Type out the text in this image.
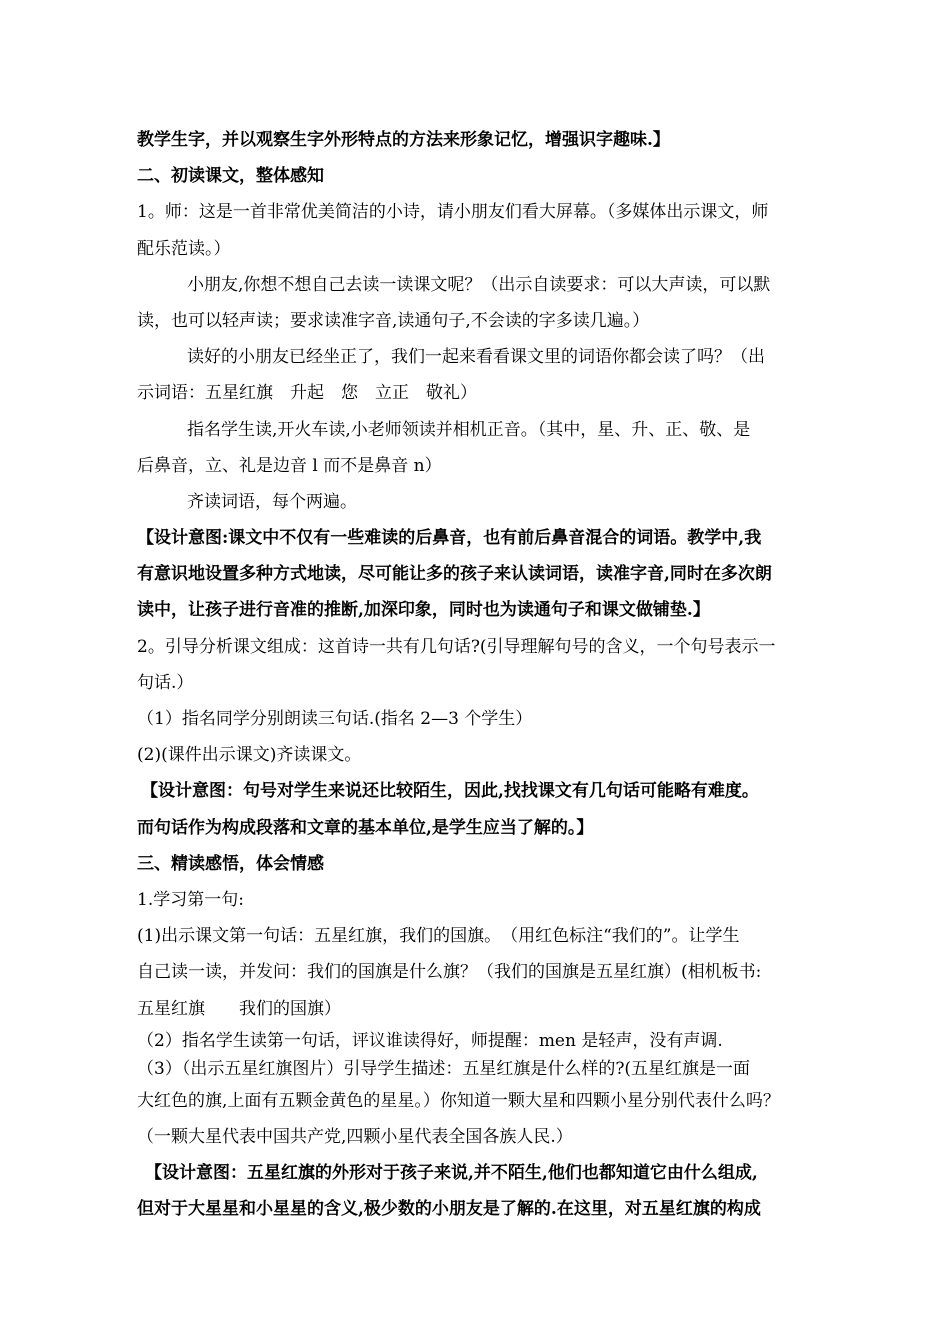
教学生字，并以观察生字外形特点的方法来形象记忆，增强识字趣味.】
二、初读课文，整体感知
1。师：这是一首非常优美简洁的小诗，请小朋友们看大屏幕。（多媒体出示课文，师
配乐范读。）
小朋友,你想不想自己去读一读课文呢？（出示自读要求：可以大声读，可以默
读，也可以轻声读；要求读准字音,读通句子,不会读的字多读几遍。）
读好的小朋友已经坐正了，我们一起来看看课文里的词语你都会读了吗？（出
示词语：五星红旗　升起　您　立正　敬礼）
指名学生读,开火车读,小老师领读并相机正音。（其中，星、升、正、敬、是
后鼻音，立、礼是边音 l 而不是鼻音 n）
齐读词语，每个两遍。
【设计意图:课文中不仅有一些难读的后鼻音，也有前后鼻音混合的词语。教学中,我
有意识地设置多种方式地读，尽可能让多的孩子来认读词语，读准字音,同时在多次朗
读中，让孩子进行音准的推断,加深印象，同时也为读通句子和课文做铺垫.】
2。引导分析课文组成：这首诗一共有几句话?(引导理解句号的含义，一个句号表示一
句话.）
（1）指名同学分别朗读三句话.(指名 2—3 个学生）
(2)(课件出示课文)齐读课文。
【设计意图：句号对学生来说还比较陌生，因此,找找课文有几句话可能略有难度。
而句话作为构成段落和文章的基本单位,是学生应当了解的。】
三、精读感悟，体会情感
1.学习第一句:
(1)出示课文第一句话：五星红旗，我们的国旗。　（用红色标注“我们的”。让学生
自己读一读，并发问：我们的国旗是什么旗？（我们的国旗是五星红旗）(相机板书:
五星红旗　　我们的国旗）
（2）指名学生读第一句话，评议谁读得好，师提醒：men 是轻声，没有声调.
（3）（出示五星红旗图片）引导学生描述：五星红旗是什么样的?(五星红旗是一面
大红色的旗,上面有五颗金黄色的星星。）你知道一颗大星和四颗小星分别代表什么吗？
（一颗大星代表中国共产党,四颗小星代表全国各族人民.）
【设计意图：五星红旗的外形对于孩子来说,并不陌生,他们也都知道它由什么组成,
但对于大星星和小星星的含义,极少数的小朋友是了解的.在这里，对五星红旗的构成
